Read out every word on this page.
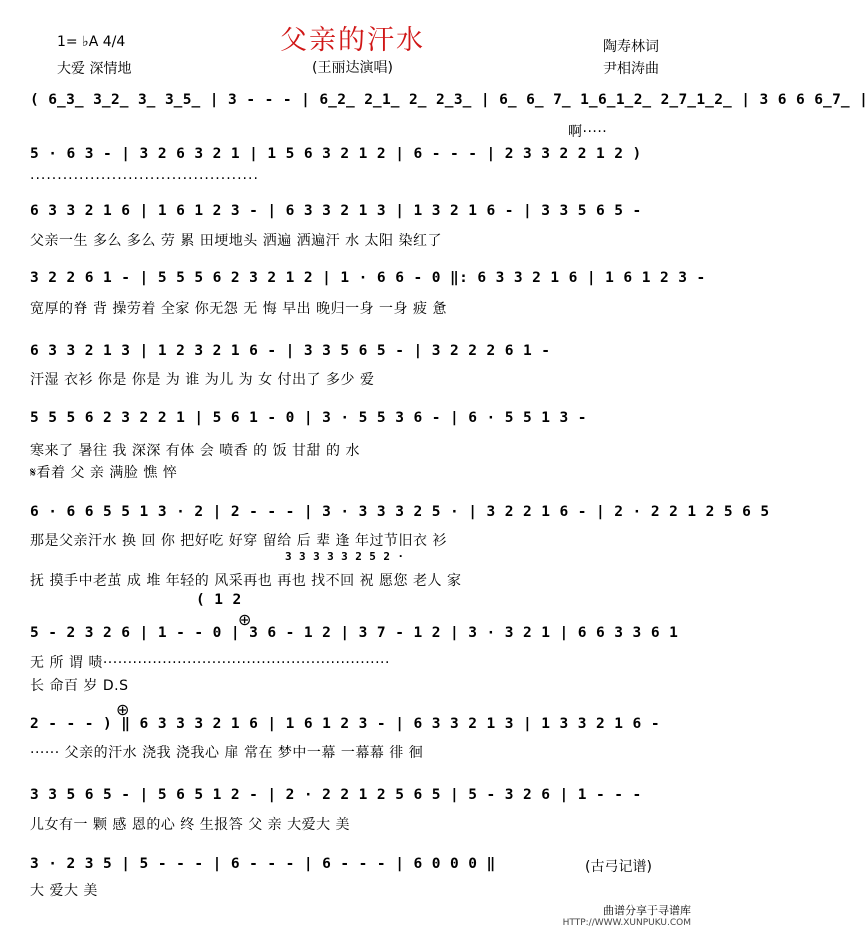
父亲的汗水
1= ♭A 4/4
大爱 深情地	(王丽达演唱)
陶寿林词
尹相涛曲
( 6̲3̲ 3̲2̲ 3̲ 3̲5̲ | 3 - - - | 6̲2̲ 2̲1̲ 2̲ 2̲3̲ | 6̲ 6̲ 7̲ 1̲6̲1̲2̲ 2̲7̲1̲2̲ | 3 6 6 6̲7̲ |
啊·····
5 · 6 3 - | 3 2 6 3 2 1 | 1 5 6 3 2 1 2 | 6 - - - | 2 3 3 2 2 1 2 )
··········································
6 3 3 2 1 6 | 1 6 1 2 3 - | 6 3 3 2 1 3 | 1 3 2 1 6 - | 3 3 5 6 5 -
父亲一生 多么 多么 劳 累 田埂地头 洒遍 洒遍汗 水 太阳 染红了
3 2 2 6 1 - | 5 5 5 6 2 3 2 1 2 | 1 · 6 6 - 0 ‖: 6 3 3 2 1 6 | 1 6 1 2 3 -
宽厚的脊 背 操劳着 全家 你无怨 无 悔 早出 晚归一身 一身 疲 惫
6 3 3 2 1 3 | 1 2 3 2 1 6 - | 3 3 5 6 5 - | 3 2 2 2 6 1 -
汗湿 衣衫 你是 你是 为 谁 为儿 为 女 付出了 多少 爱
5 5 5 6 2 3 2 2 1 | 5 6 1 - 0 | 3 · 5 5 3 6 - | 6 · 5 5 1 3 -
寒来了 暑往 我 深深 有体 会 喷香 的 饭 甘甜 的 水
𝄋看着 父 亲 满脸 憔 悴
6 · 6 6 5 5 1 3 · 2 | 2 - - - | 3 · 3 3 3 2 5 · | 3 2 2 1 6 - | 2 · 2 2 1 2 5 6 5
那是父亲汗水 换 回 你 把好吃 好穿 留给 后 辈 逢 年过节旧衣 衫
3 3 3 3 3 2 5 2 ·
抚 摸手中老茧 成 堆 年轻的 风采再也 再也 找不回 祝 愿您 老人 家
( 1 2
⊕
5 - 2 3 2 6 | 1 - - 0 | 3 6 - 1 2 | 3 7 - 1 2 | 3 · 3 2 1 | 6 6 3 3 6 1
无 所 谓 啧··························································
长 命百 岁 D.S
⊕
2 - - - ) ‖ 6 3 3 3 2 1 6 | 1 6 1 2 3 - | 6 3 3 2 1 3 | 1 3 3 2 1 6 -
······ 父亲的汗水 浇我 浇我心 扉 常在 梦中一幕 一幕幕 徘 徊
3 3 5 6 5 - | 5 6 5 1 2 - | 2 · 2 2 1 2 5 6 5 | 5 - 3 2 6 | 1 - - -
儿女有一 颗 感 恩的心 终 生报答 父 亲 大爱大 美
3 · 2 3 5 | 5 - - - | 6 - - - | 6 - - - | 6 0 0 0 ‖
大 爱大 美
(古弓记谱)
曲谱分享于寻谱库
HTTP://WWW.XUNPUKU.COM
